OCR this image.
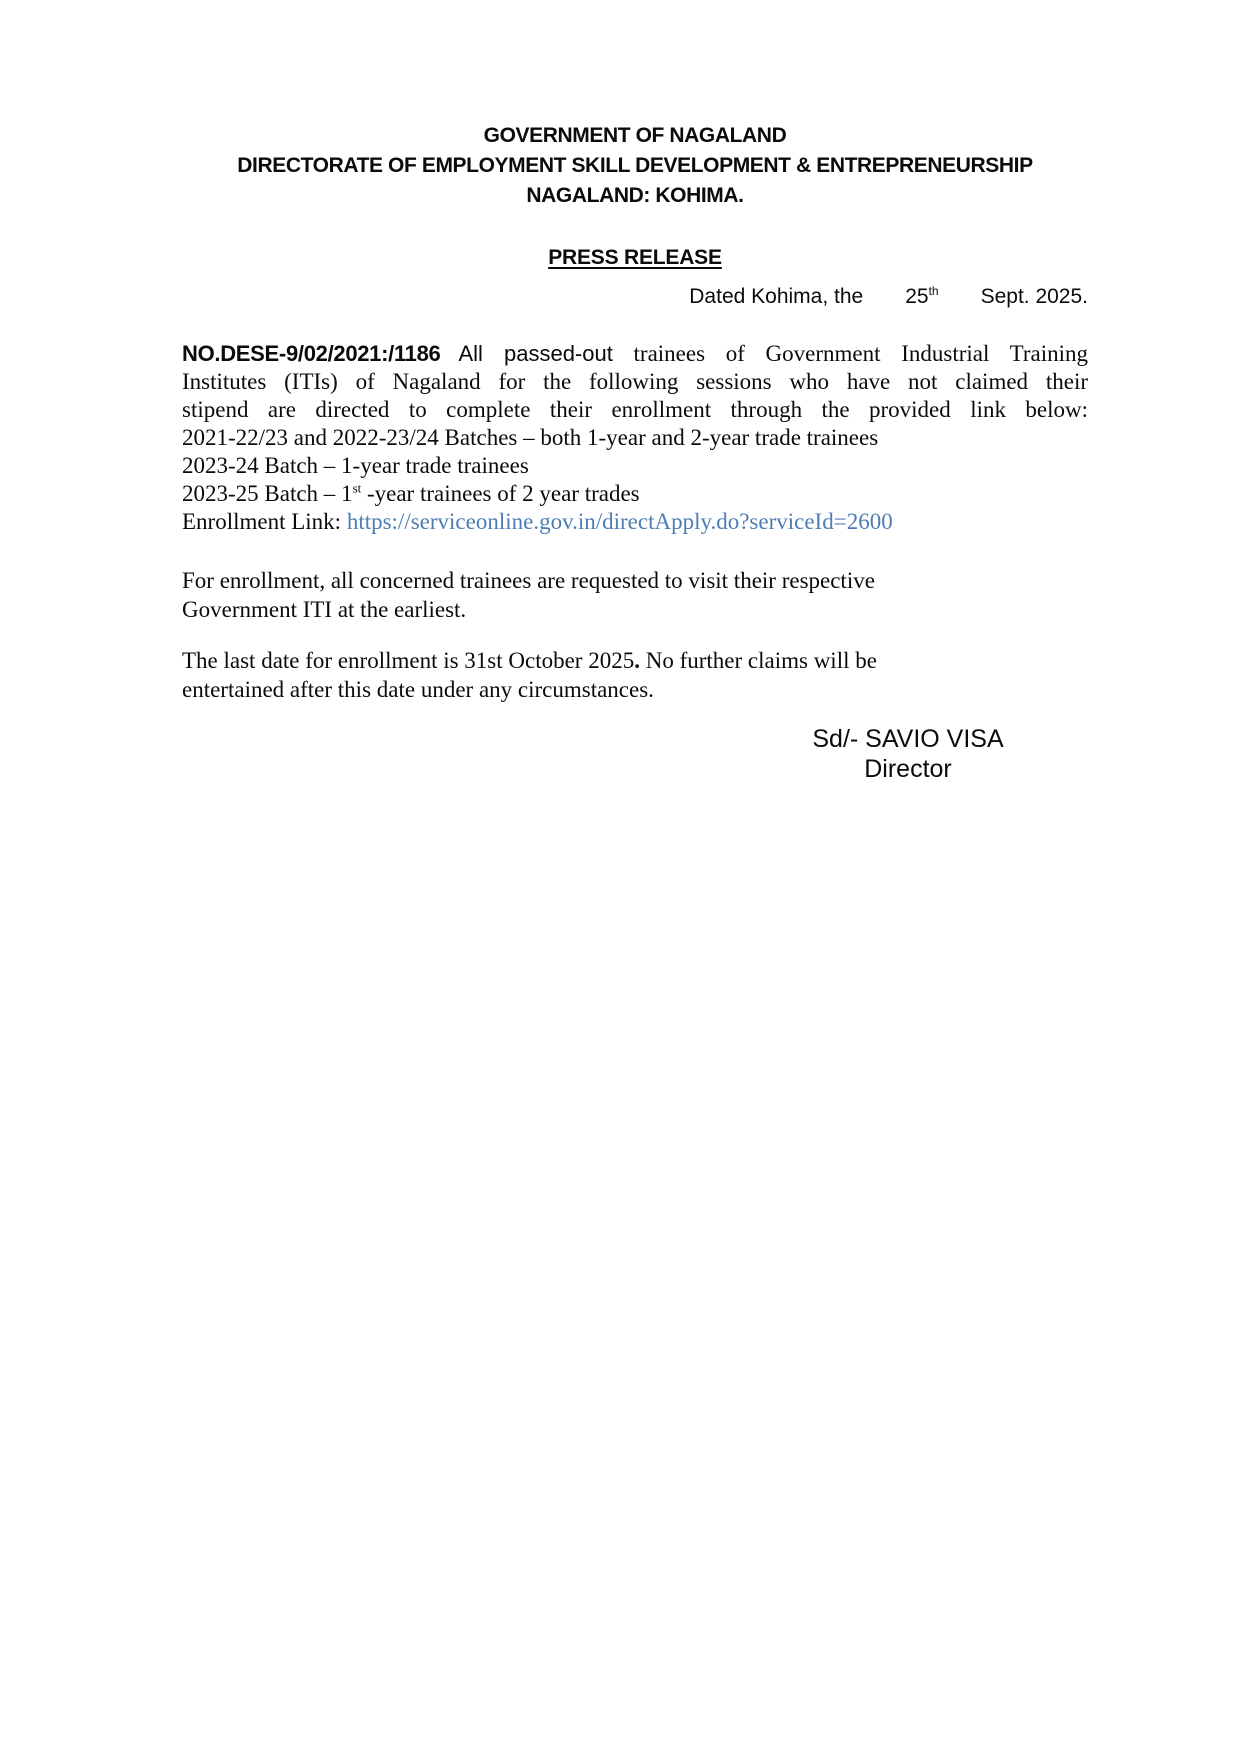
GOVERNMENT OF NAGALAND
DIRECTORATE OF EMPLOYMENT SKILL DEVELOPMENT & ENTREPRENEURSHIP
NAGALAND: KOHIMA.
PRESS RELEASE
Dated Kohima, the 25th Sept. 2025.
NO.DESE-9/02/2021:/1186 All passed-out trainees of Government Industrial Training
Institutes (ITIs) of Nagaland for the following sessions who have not claimed their
stipend are directed to complete their enrollment through the provided link below:
2021-22/23 and 2022-23/24 Batches – both 1-year and 2-year trade trainees
2023-24 Batch – 1-year trade trainees
2023-25 Batch – 1st -year trainees of 2 year trades
Enrollment Link: https://serviceonline.gov.in/directApply.do?serviceId=2600
For enrollment, all concerned trainees are requested to visit their respective
Government ITI at the earliest.
The last date for enrollment is 31st October 2025. No further claims will be
entertained after this date under any circumstances.
Sd/- SAVIO VISA
Director
